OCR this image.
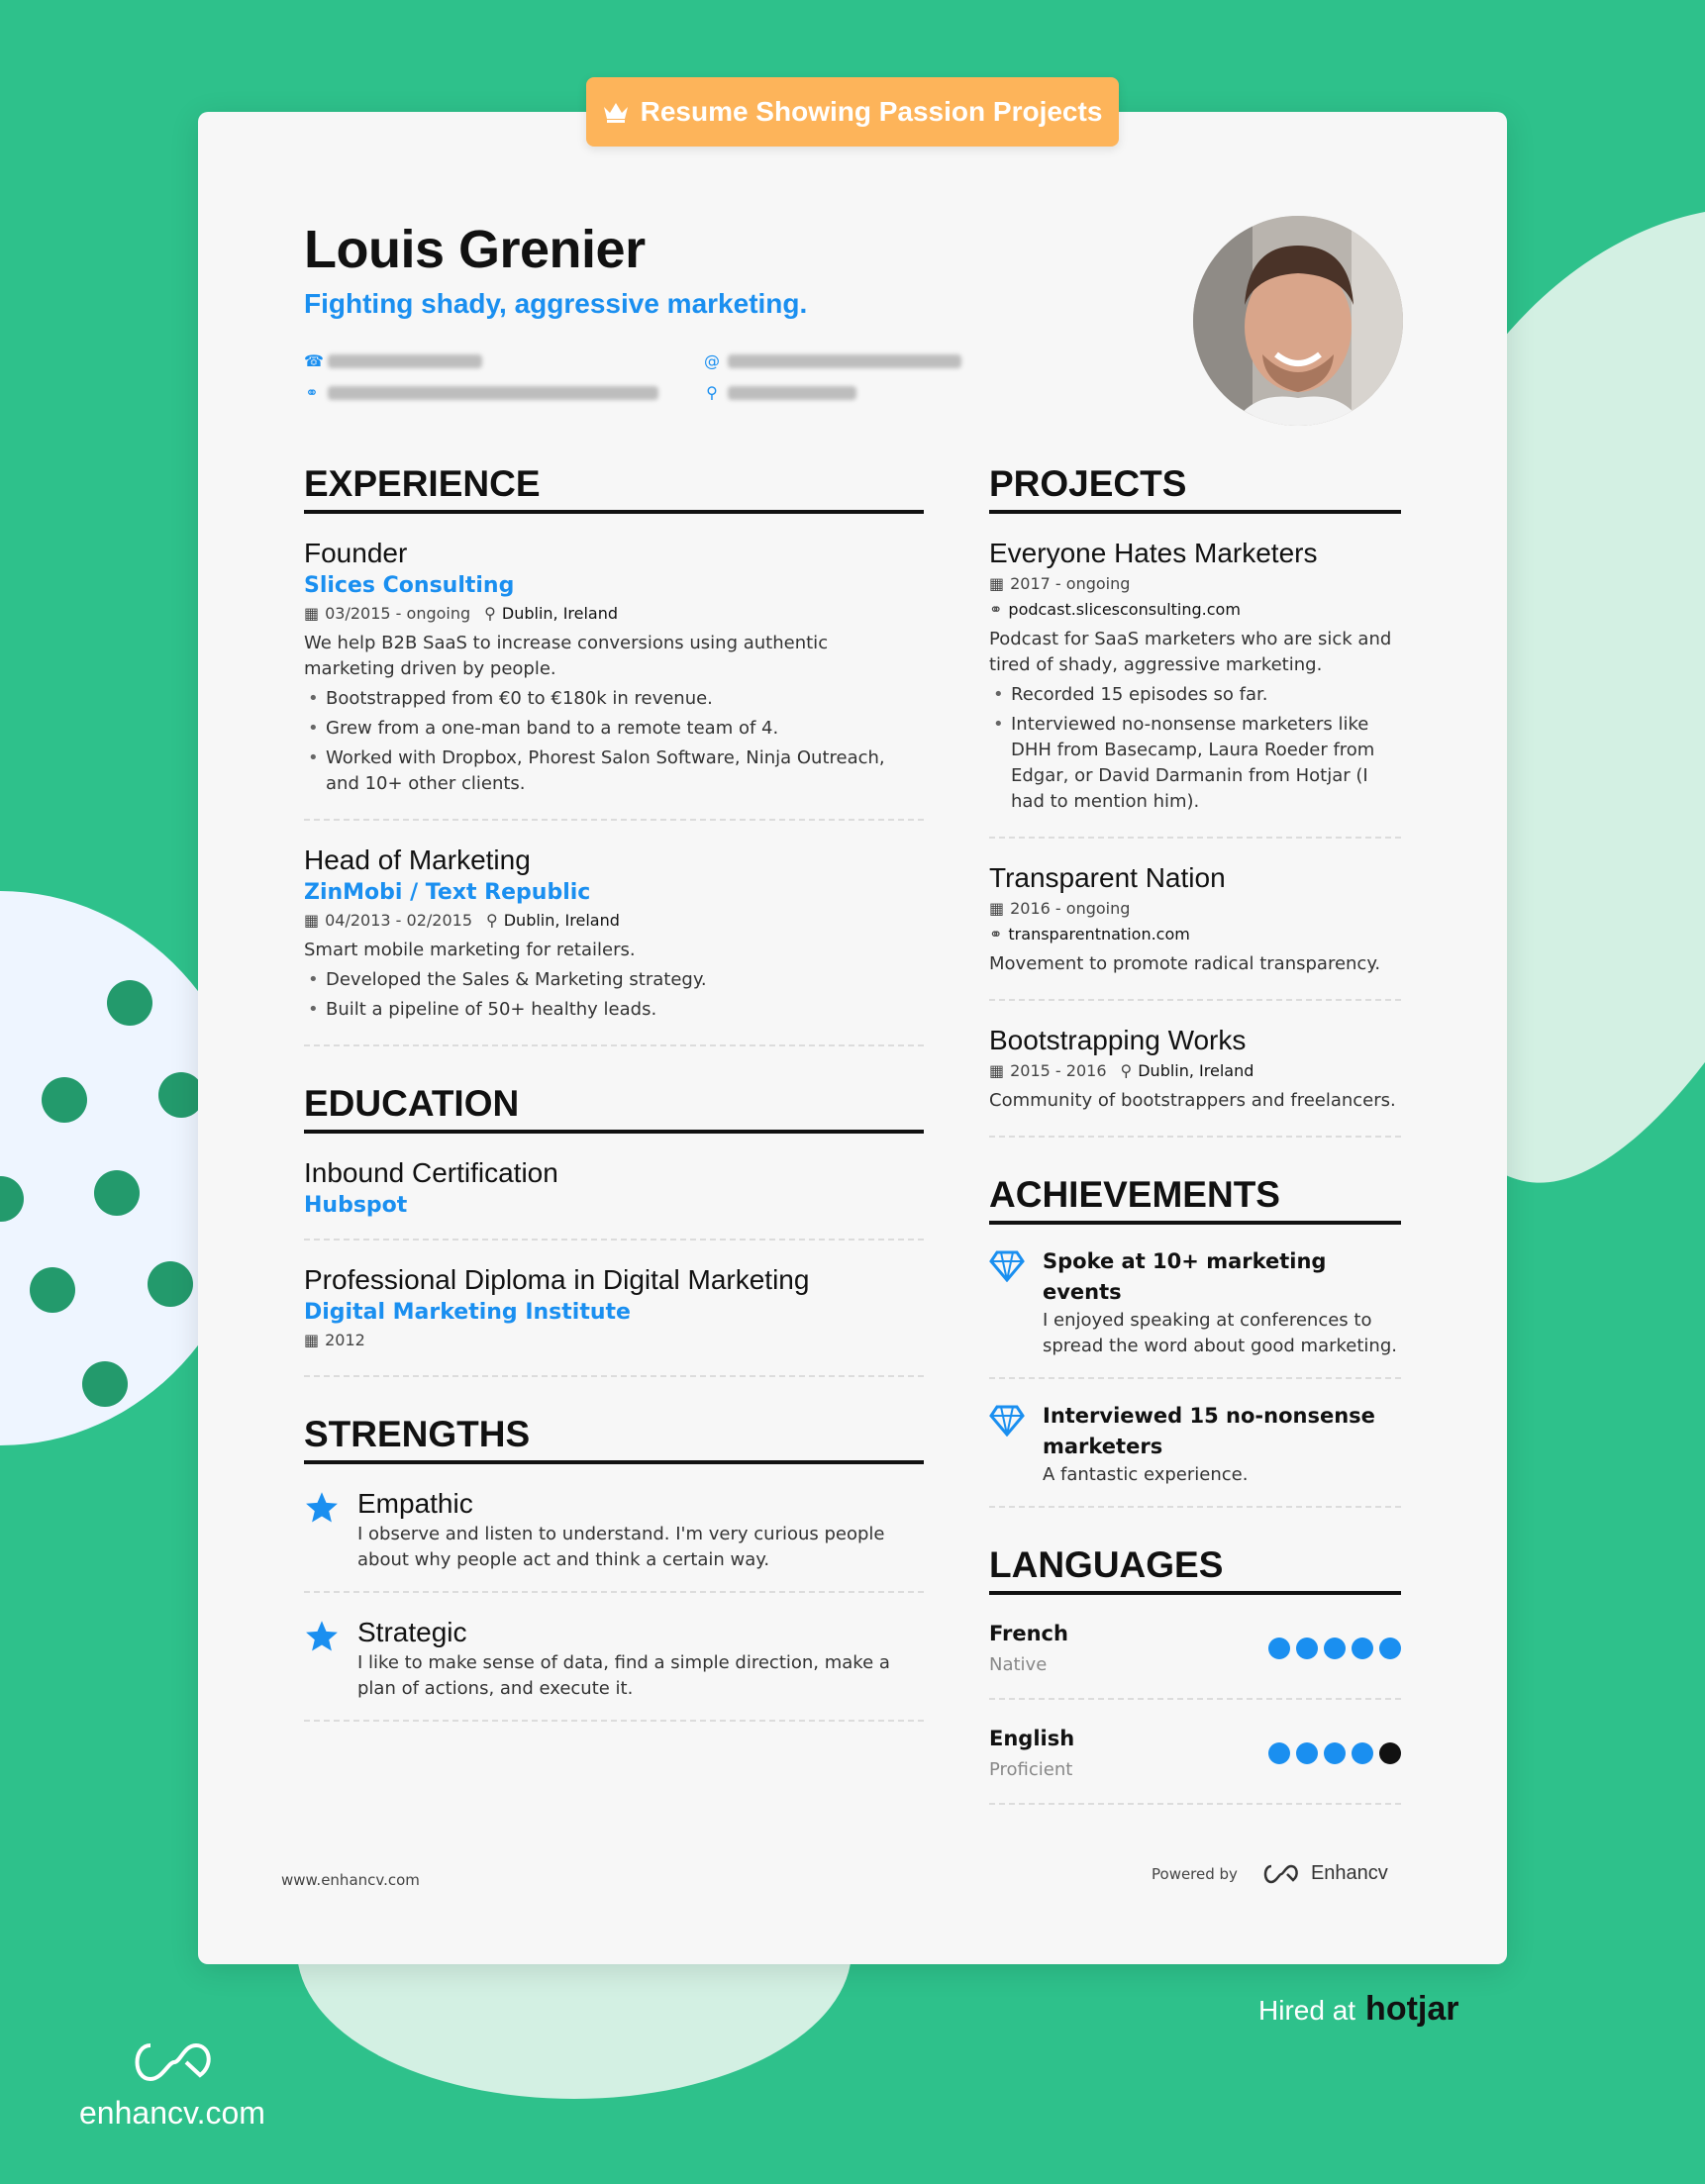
Resume Showing Passion Projects
Louis Grenier
Fighting shady, aggressive marketing.
☎	@
⚭	⚲
EXPERIENCE
Founder
Slices Consulting
▦ 03/2015 - ongoing ⚲ Dublin, Ireland
We help B2B SaaS to increase conversions using authentic marketing driven by people.
• Bootstrapped from €0 to €180k in revenue.
• Grew from a one-man band to a remote team of 4.
• Worked with Dropbox, Phorest Salon Software, Ninja Outreach, and 10+ other clients.
Head of Marketing
ZinMobi / Text Republic
▦ 04/2013 - 02/2015 ⚲ Dublin, Ireland
Smart mobile marketing for retailers.
• Developed the Sales & Marketing strategy.
• Built a pipeline of 50+ healthy leads.
EDUCATION
Inbound Certification
Hubspot
Professional Diploma in Digital Marketing
Digital Marketing Institute
▦ 2012
STRENGTHS
Empathic
I observe and listen to understand. I'm very curious people about why people act and think a certain way.
Strategic
I like to make sense of data, find a simple direction, make a plan of actions, and execute it.
PROJECTS
Everyone Hates Marketers
▦ 2017 - ongoing
⚭ podcast.slicesconsulting.com
Podcast for SaaS marketers who are sick and tired of shady, aggressive marketing.
• Recorded 15 episodes so far.
• Interviewed no-nonsense marketers like DHH from Basecamp, Laura Roeder from Edgar, or David Darmanin from Hotjar (I had to mention him).
Transparent Nation
▦ 2016 - ongoing
⚭ transparentnation.com
Movement to promote radical transparency.
Bootstrapping Works
▦ 2015 - 2016 ⚲ Dublin, Ireland
Community of bootstrappers and freelancers.
ACHIEVEMENTS
Spoke at 10+ marketing events
I enjoyed speaking at conferences to spread the word about good marketing.
Interviewed 15 no-nonsense marketers
A fantastic experience.
LANGUAGES
French
Native
English
Proficient
www.enhancv.com	Powered by	Enhancv
Hired at hotjar
enhancv.com
